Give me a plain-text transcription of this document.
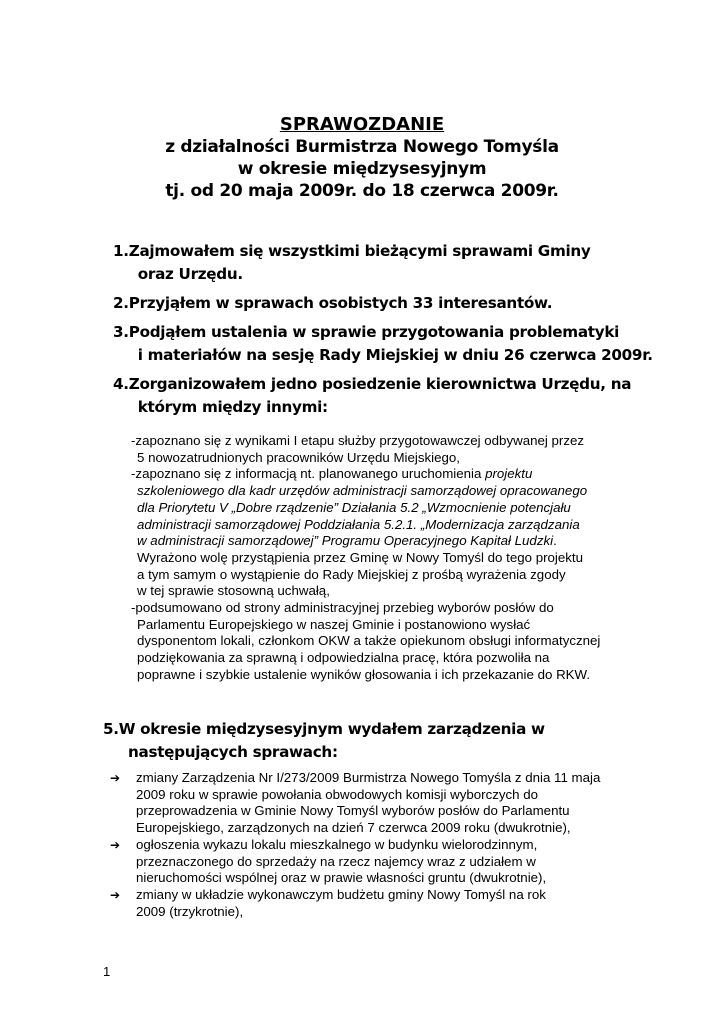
SPRAWOZDANIE
z działalności Burmistrza Nowego Tomyśla
w okresie międzysesyjnym
tj. od 20 maja 2009r. do 18 czerwca 2009r.
1. Zajmowałem się wszystkimi bieżącymi sprawami Gminy
oraz Urzędu.
2. Przyjąłem w sprawach osobistych 33 interesantów.
3. Podjąłem ustalenia w sprawie przygotowania problematyki
i materiałów na sesję Rady Miejskiej w dniu 26 czerwca 2009r.
4. Zorganizowałem jedno posiedzenie kierownictwa Urzędu, na
którym między innymi:
-zapoznano się z wynikami I etapu służby przygotowawczej odbywanej przez
5 nowozatrudnionych pracowników Urzędu Miejskiego,
-zapoznano się z informacją nt. planowanego uruchomienia projektu
szkoleniowego dla kadr urzędów administracji samorządowej opracowanego
dla Priorytetu V „Dobre rządzenie” Działania 5.2 „Wzmocnienie potencjału
administracji samorządowej Poddziałania 5.2.1. „Modernizacja zarządzania
w administracji samorządowej” Programu Operacyjnego Kapitał Ludzki.
Wyrażono wolę przystąpienia przez Gminę w Nowy Tomyśl do tego projektu
a tym samym o wystąpienie do Rady Miejskiej z prośbą wyrażenia zgody
w tej sprawie stosowną uchwałą,
-podsumowano od strony administracyjnej przebieg wyborów posłów do
Parlamentu Europejskiego w naszej Gminie i postanowiono wysłać
dysponentom lokali, członkom OKW a także opiekunom obsługi informatycznej
podziękowania za sprawną i odpowiedzialna pracę, która pozwoliła na
poprawne i szybkie ustalenie wyników głosowania i ich przekazanie do RKW.
5.W okresie międzysesyjnym wydałem zarządzenia w
następujących sprawach:
➔	zmiany Zarządzenia Nr I/273/2009 Burmistrza Nowego Tomyśla z dnia 11 maja
2009 roku w sprawie powołania obwodowych komisji wyborczych do
przeprowadzenia w Gminie Nowy Tomyśl wyborów posłów do Parlamentu
Europejskiego, zarządzonych na dzień 7 czerwca 2009 roku (dwukrotnie),
➔	ogłoszenia wykazu lokalu mieszkalnego w budynku wielorodzinnym,
przeznaczonego do sprzedaży na rzecz najemcy wraz z udziałem w
nieruchomości wspólnej oraz w prawie własności gruntu (dwukrotnie),
➔	zmiany w układzie wykonawczym budżetu gminy Nowy Tomyśl na rok
2009 (trzykrotnie),
1
